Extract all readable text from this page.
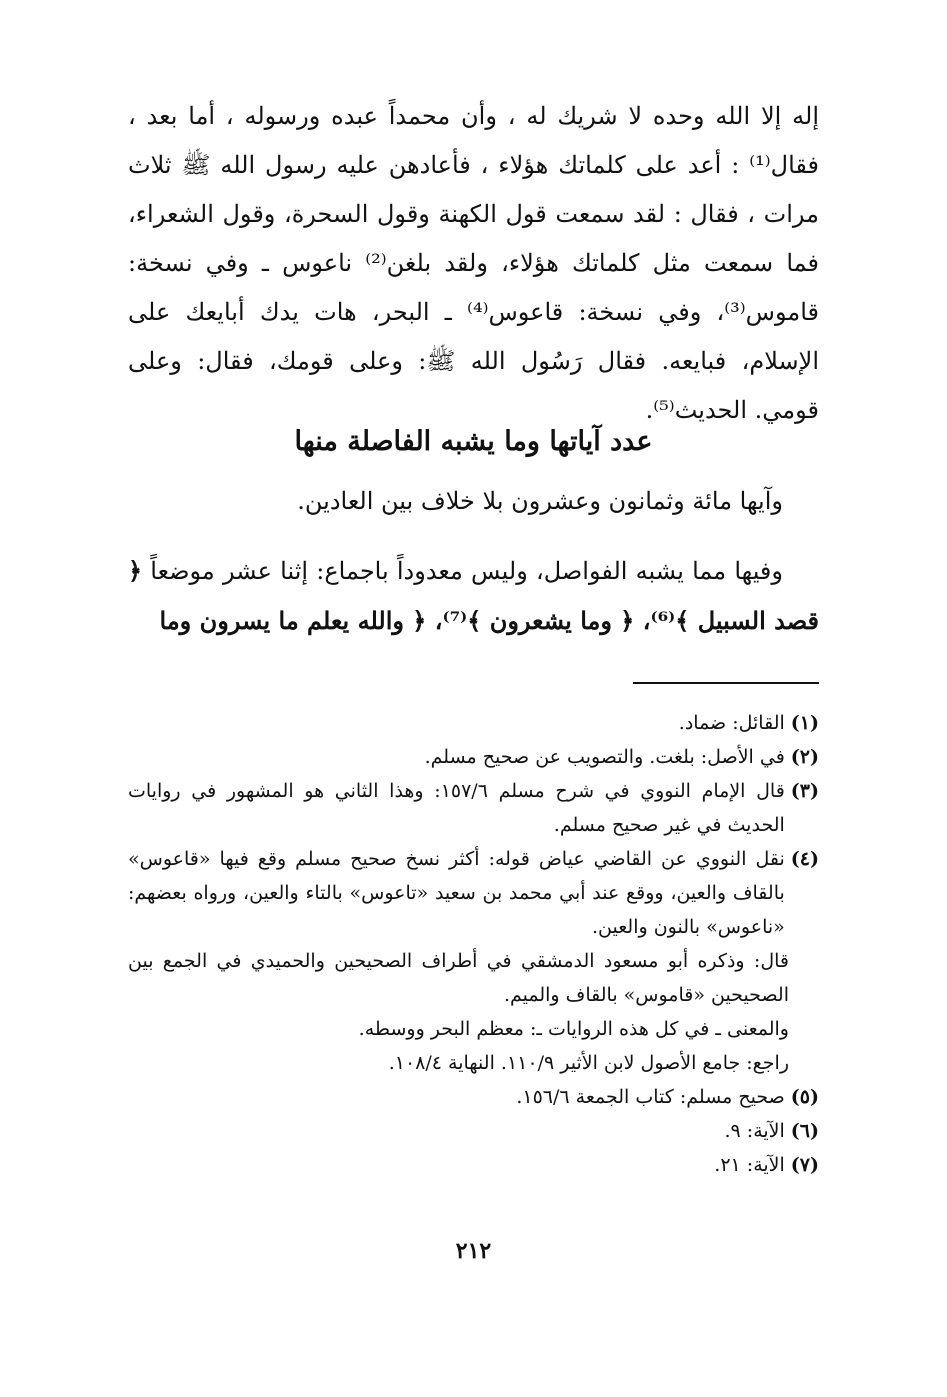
إله إلا الله وحده لا شريك له ، وأن محمداً عبده ورسوله ، أما بعد ، فقال⁽¹⁾ : أعد على كلماتك هؤلاء ، فأعادهن عليه رسول الله ﷺ ثلاث مرات ، فقال : لقد سمعت قول الكهنة وقول السحرة، وقول الشعراء، فما سمعت مثل كلماتك هؤلاء، ولقد بلغن⁽²⁾ ناعوس ـ وفي نسخة: قاموس⁽³⁾، وفي نسخة: قاعوس⁽⁴⁾ ـ البحر، هات يدك أبايعك على الإسلام، فبايعه. فقال رَسُول الله ﷺ: وعلى قومك، فقال: وعلى قومي. الحديث⁽⁵⁾.

عدد آياتها وما يشبه الفاصلة منها

وآيها مائة وثمانون وعشرون بلا خلاف بين العادين.

وفيها مما يشبه الفواصل، وليس معدوداً باجماع: إثنا عشر موضعاً ﴿ قصد السبيل ﴾⁽⁶⁾، ﴿ وما يشعرون ﴾⁽⁷⁾، ﴿ والله يعلم ما يسرون وما

(١)
القائل: ضماد.
(٢)
في الأصل: بلغت. والتصويب عن صحيح مسلم.
(٣)
قال الإمام النووي في شرح مسلم ١٥٧/٦: وهذا الثاني هو المشهور في روايات الحديث في غير صحيح مسلم.
(٤)
نقل النووي عن القاضي عياض قوله: أكثر نسخ صحيح مسلم وقع فيها «قاعوس» بالقاف والعين، ووقع عند أبي محمد بن سعيد «تاعوس» بالتاء والعين، ورواه بعضهم: «ناعوس» بالنون والعين.

قال: وذكره أبو مسعود الدمشقي في أطراف الصحيحين والحميدي في الجمع بين الصحيحين «قاموس» بالقاف والميم.

والمعنى ـ في كل هذه الروايات ـ: معظم البحر ووسطه.

راجع: جامع الأصول لابن الأثير ١١٠/٩. النهاية ١٠٨/٤.

(٥)
صحيح مسلم: كتاب الجمعة ١٥٦/٦.
(٦)
الآية: ٩.
(٧)
الآية: ٢١.
٢١٢
